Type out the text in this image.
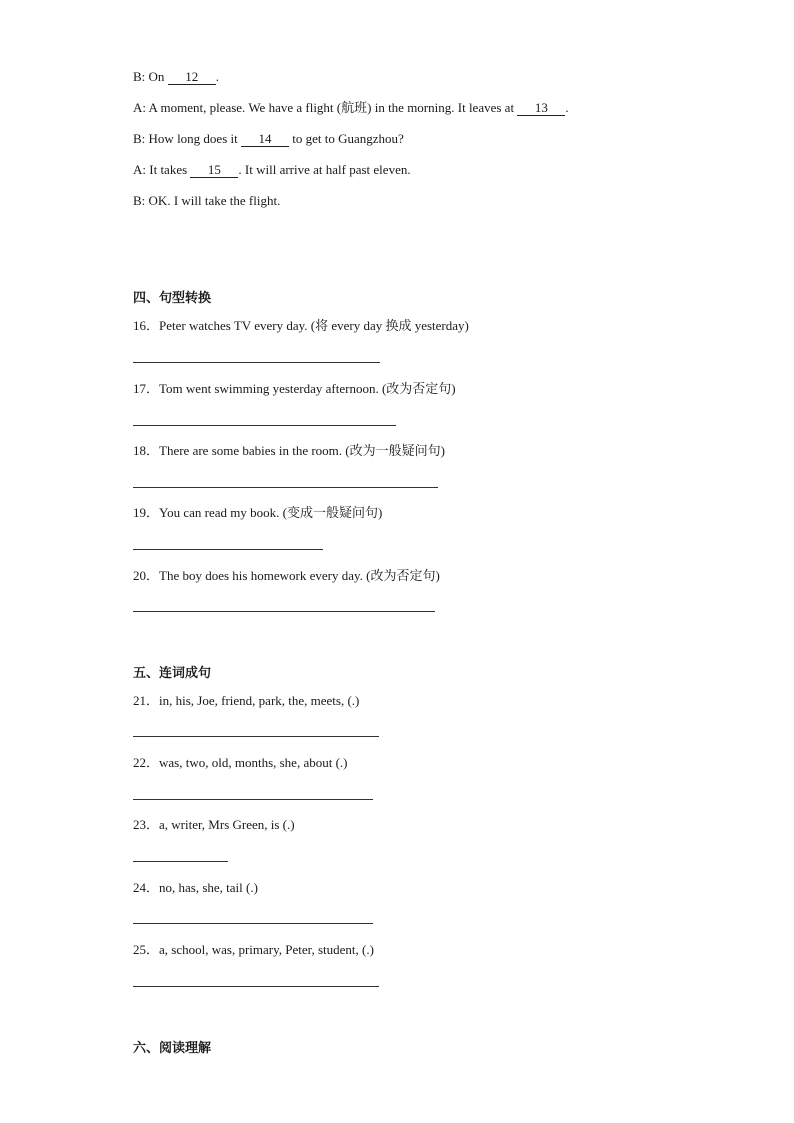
B: On 12 .
A: A moment, please. We have a flight (航班) in the morning. It leaves at 13 .
B: How long does it 14 to get to Guangzhou?
A: It takes 15 . It will arrive at half past eleven.
B: OK. I will take the flight.
四、句型转换
16．Peter watches TV every day. (将 every day 换成 yesterday)
17．Tom went swimming yesterday afternoon. (改为否定句)
18．There are some babies in the room. (改为一般疑问句)
19．You can read my book. (变成一般疑问句)
20．The boy does his homework every day. (改为否定句)
五、连词成句
21．in, his, Joe, friend, park, the, meets, (.)
22．was, two, old, months, she, about (.)
23．a, writer, Mrs Green, is (.)
24．no, has, she, tail (.)
25．a, school, was, primary, Peter, student, (.)
六、阅读理解
